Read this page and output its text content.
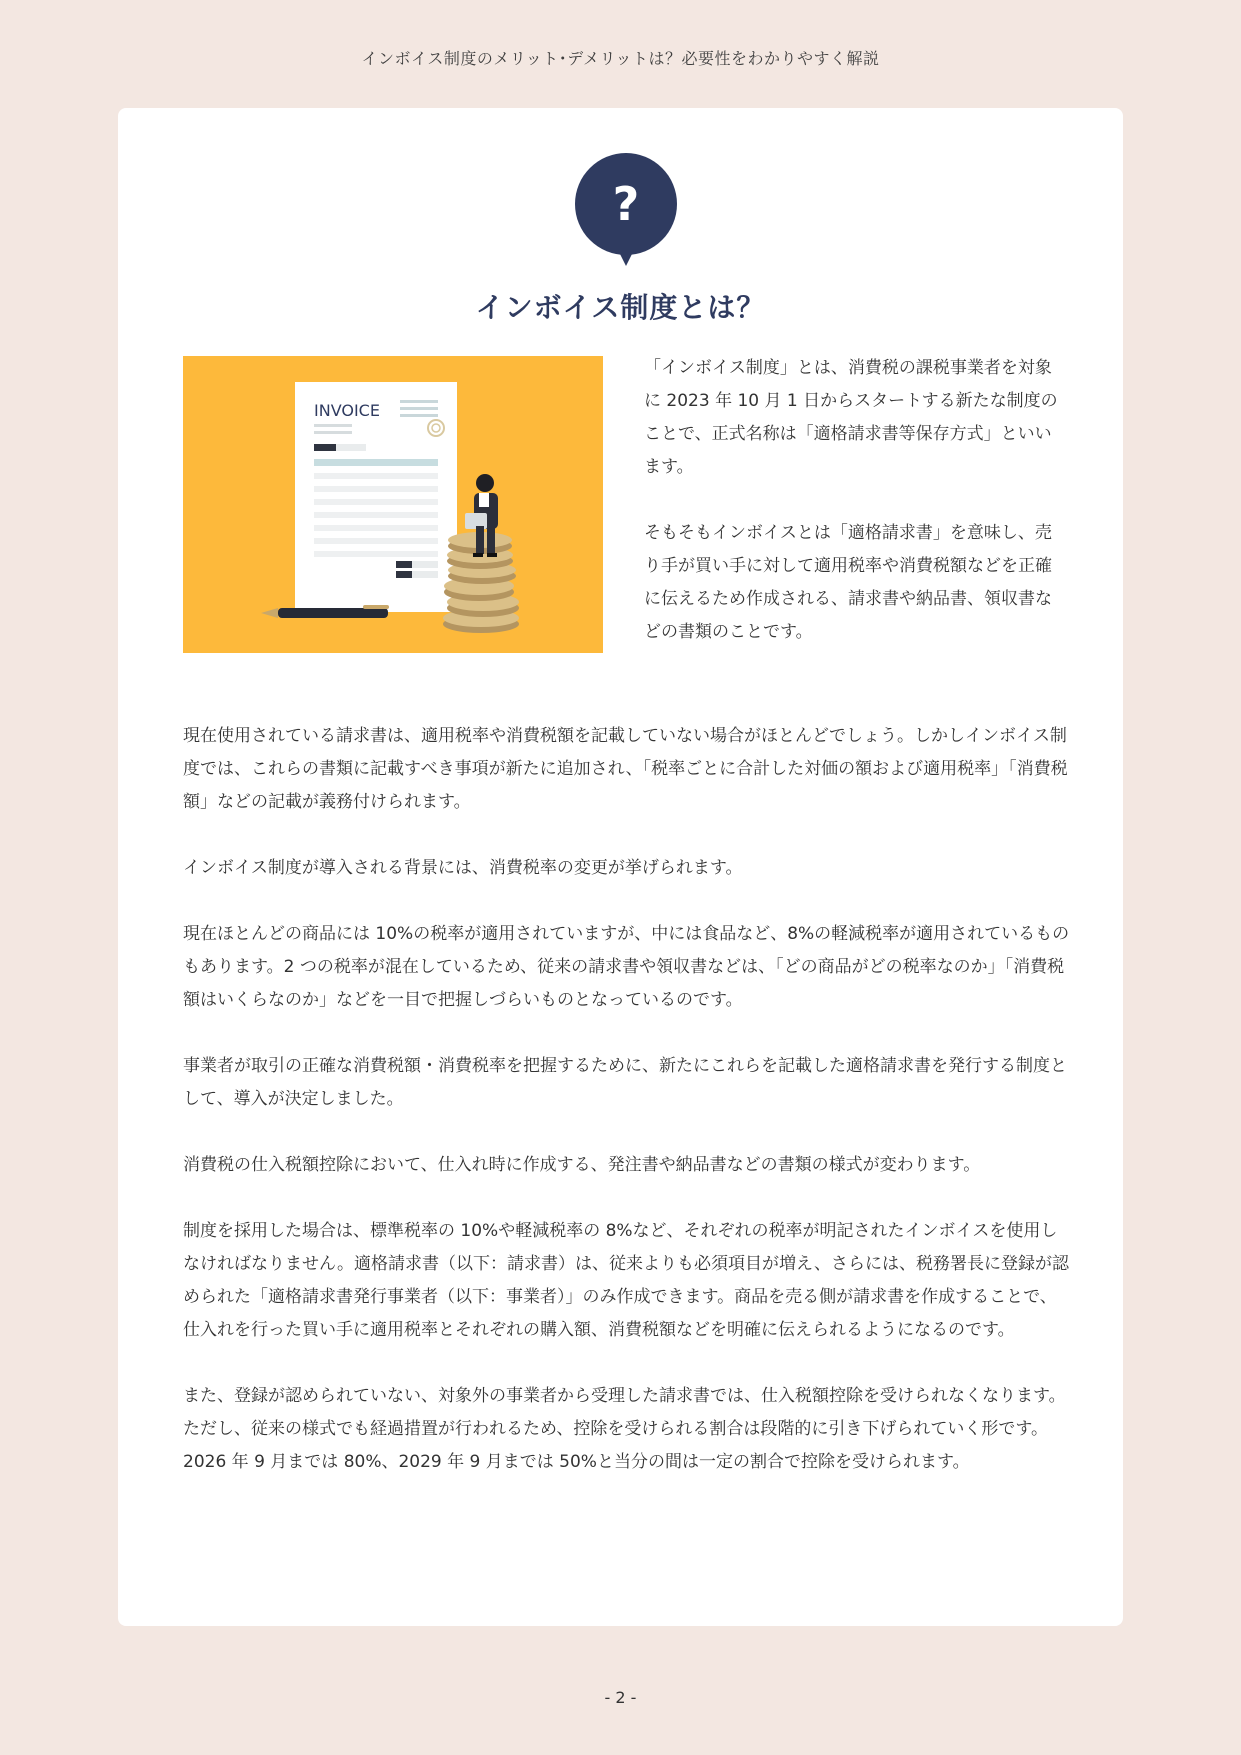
インボイス制度のメリット･デメリットは？必要性をわかりやすく解説
?
インボイス制度とは？
INVOICE

「インボイス制度」とは、消費税の課税事業者を対象に 2023 年 10 月 1 日からスタートする新たな制度のことで、正式名称は「適格請求書等保存方式」といいます。

そもそもインボイスとは「適格請求書」を意味し、売り手が買い手に対して適用税率や消費税額などを正確に伝えるため作成される、請求書や納品書、領収書などの書類のことです。

現在使用されている請求書は、適用税率や消費税額を記載していない場合がほとんどでしょう。しかしインボイス制度では、これらの書類に記載すべき事項が新たに追加され、「税率ごとに合計した対価の額および適用税率」「消費税額」などの記載が義務付けられます。

インボイス制度が導入される背景には、消費税率の変更が挙げられます。

現在ほとんどの商品には 10%の税率が適用されていますが、中には食品など、8%の軽減税率が適用されているものもあります。2 つの税率が混在しているため、従来の請求書や領収書などは、「どの商品がどの税率なのか」「消費税額はいくらなのか」などを一目で把握しづらいものとなっているのです。

事業者が取引の正確な消費税額・消費税率を把握するために、新たにこれらを記載した適格請求書を発行する制度として、導入が決定しました。

消費税の仕入税額控除において、仕入れ時に作成する、発注書や納品書などの書類の様式が変わります。

制度を採用した場合は、標準税率の 10%や軽減税率の 8%など、それぞれの税率が明記されたインボイスを使用しなければなりません。適格請求書（以下：請求書）は、従来よりも必須項目が増え、さらには、税務署長に登録が認められた「適格請求書発行事業者（以下：事業者）」のみ作成できます。商品を売る側が請求書を作成することで、仕入れを行った買い手に適用税率とそれぞれの購入額、消費税額などを明確に伝えられるようになるのです。

また、登録が認められていない、対象外の事業者から受理した請求書では、仕入税額控除を受けられなくなります。ただし、従来の様式でも経過措置が行われるため、控除を受けられる割合は段階的に引き下げられていく形です。2026 年 9 月までは 80%、2029 年 9 月までは 50%と当分の間は一定の割合で控除を受けられます。

- 2 -
